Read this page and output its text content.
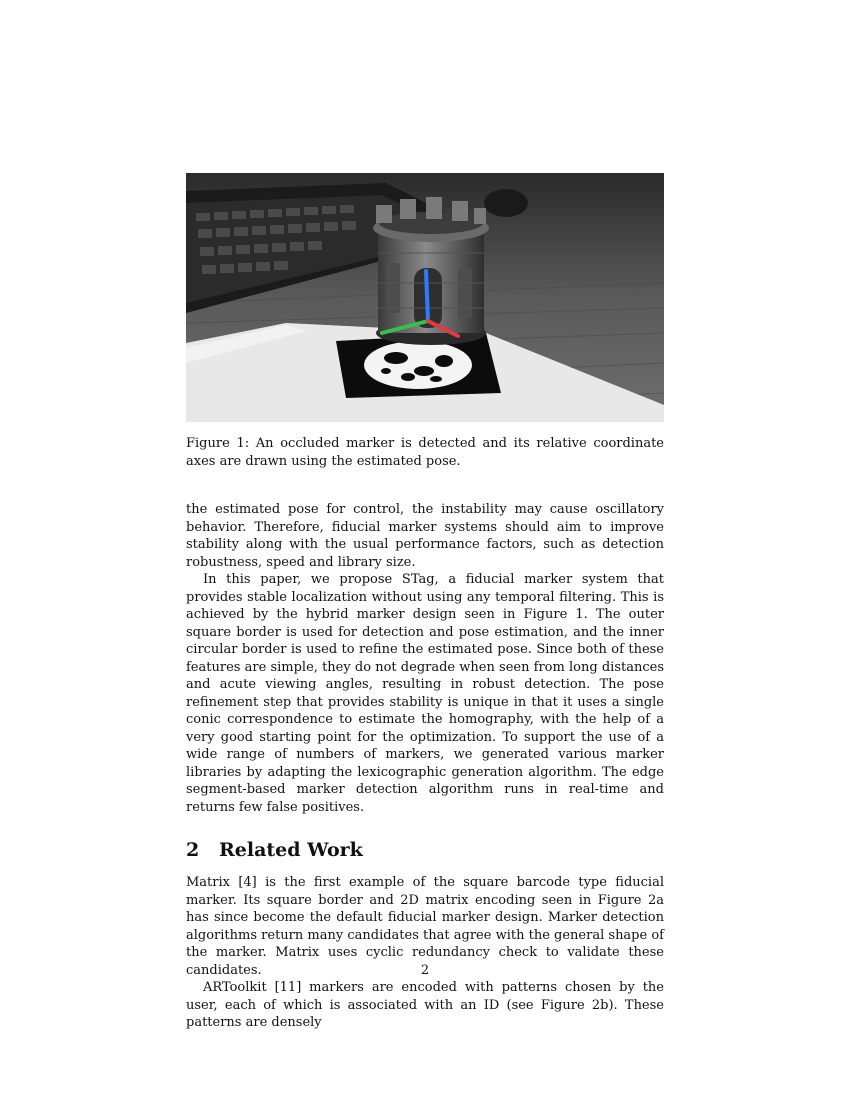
Figure 1: An occluded marker is detected and its relative coordinate axes are drawn using the estimated pose.

the estimated pose for control, the instability may cause oscillatory behavior. Therefore, fiducial marker systems should aim to improve stability along with the usual performance factors, such as detection robustness, speed and library size.

In this paper, we propose STag, a fiducial marker system that provides stable localization without using any temporal filtering. This is achieved by the hybrid marker design seen in Figure 1. The outer square border is used for detection and pose estimation, and the inner circular border is used to refine the estimated pose. Since both of these features are simple, they do not degrade when seen from long distances and acute viewing angles, resulting in robust detection. The pose refinement step that provides stability is unique in that it uses a single conic correspondence to estimate the homography, with the help of a very good starting point for the optimization. To support the use of a wide range of numbers of markers, we generated various marker libraries by adapting the lexicographic generation algorithm. The edge segment-based marker detection algorithm runs in real-time and returns few false positives.

2 Related Work

Matrix [4] is the first example of the square barcode type fiducial marker. Its square border and 2D matrix encoding seen in Figure 2a has since become the default fiducial marker design. Marker detection algorithms return many candidates that agree with the general shape of the marker. Matrix uses cyclic redundancy check to validate these candidates.

ARToolkit [11] markers are encoded with patterns chosen by the user, each of which is associated with an ID (see Figure 2b). These patterns are densely

2
